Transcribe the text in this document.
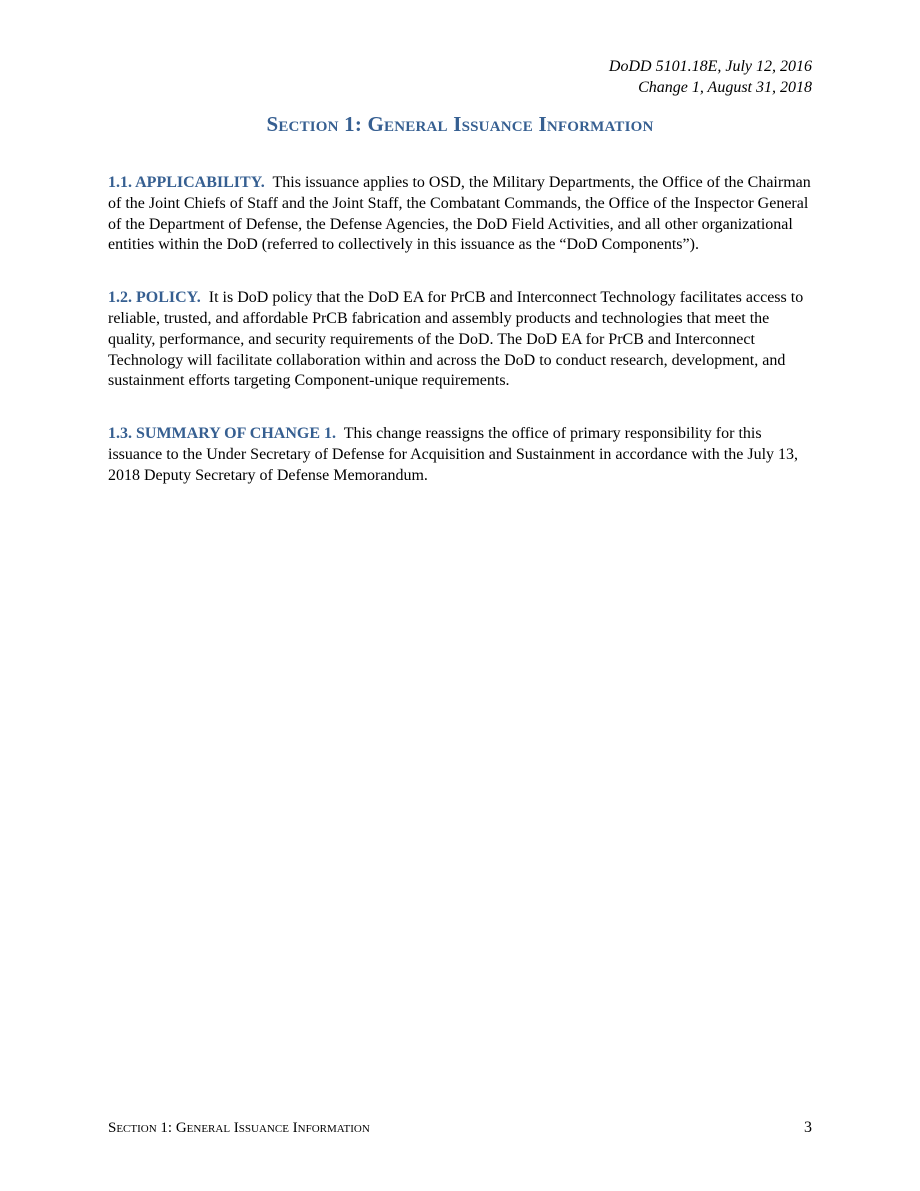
DoDD 5101.18E, July 12, 2016
Change 1, August 31, 2018
Section 1: General Issuance Information

1.1. APPLICABILITY. This issuance applies to OSD, the Military Departments, the Office of the Chairman of the Joint Chiefs of Staff and the Joint Staff, the Combatant Commands, the Office of the Inspector General of the Department of Defense, the Defense Agencies, the DoD Field Activities, and all other organizational entities within the DoD (referred to collectively in this issuance as the “DoD Components”).

1.2. POLICY. It is DoD policy that the DoD EA for PrCB and Interconnect Technology facilitates access to reliable, trusted, and affordable PrCB fabrication and assembly products and technologies that meet the quality, performance, and security requirements of the DoD. The DoD EA for PrCB and Interconnect Technology will facilitate collaboration within and across the DoD to conduct research, development, and sustainment efforts targeting Component-unique requirements.

1.3. SUMMARY OF CHANGE 1. This change reassigns the office of primary responsibility for this issuance to the Under Secretary of Defense for Acquisition and Sustainment in accordance with the July 13, 2018 Deputy Secretary of Defense Memorandum.

Section 1: General Issuance Information	3
